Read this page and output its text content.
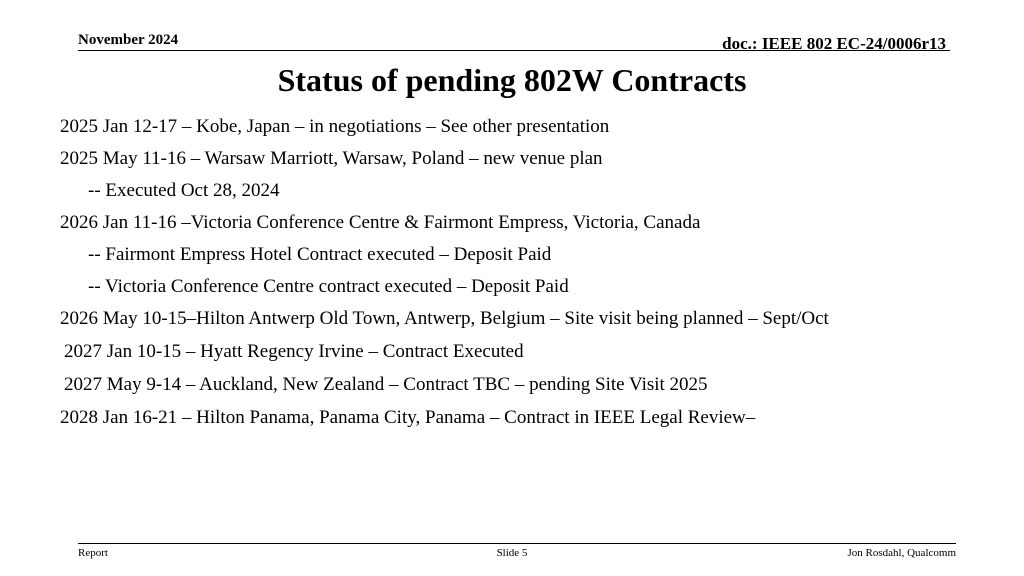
November 2024	doc.: IEEE 802 EC-24/0006r13
Status of pending 802W Contracts
2025 Jan 12-17 – Kobe, Japan – in negotiations – See other presentation
2025 May 11-16 – Warsaw Marriott, Warsaw, Poland – new venue plan
-- Executed Oct 28, 2024
2026 Jan 11-16 –Victoria Conference Centre & Fairmont Empress, Victoria, Canada
-- Fairmont Empress Hotel Contract executed – Deposit Paid
-- Victoria Conference Centre contract executed – Deposit Paid
2026 May 10-15–Hilton Antwerp Old Town, Antwerp, Belgium – Site visit being planned – Sept/Oct
2027 Jan 10-15 – Hyatt Regency Irvine – Contract Executed
2027 May 9-14 – Auckland, New Zealand – Contract TBC – pending Site Visit 2025
2028 Jan 16-21 – Hilton Panama, Panama City, Panama – Contract in IEEE Legal Review–
Report	Slide 5	Jon Rosdahl, Qualcomm
